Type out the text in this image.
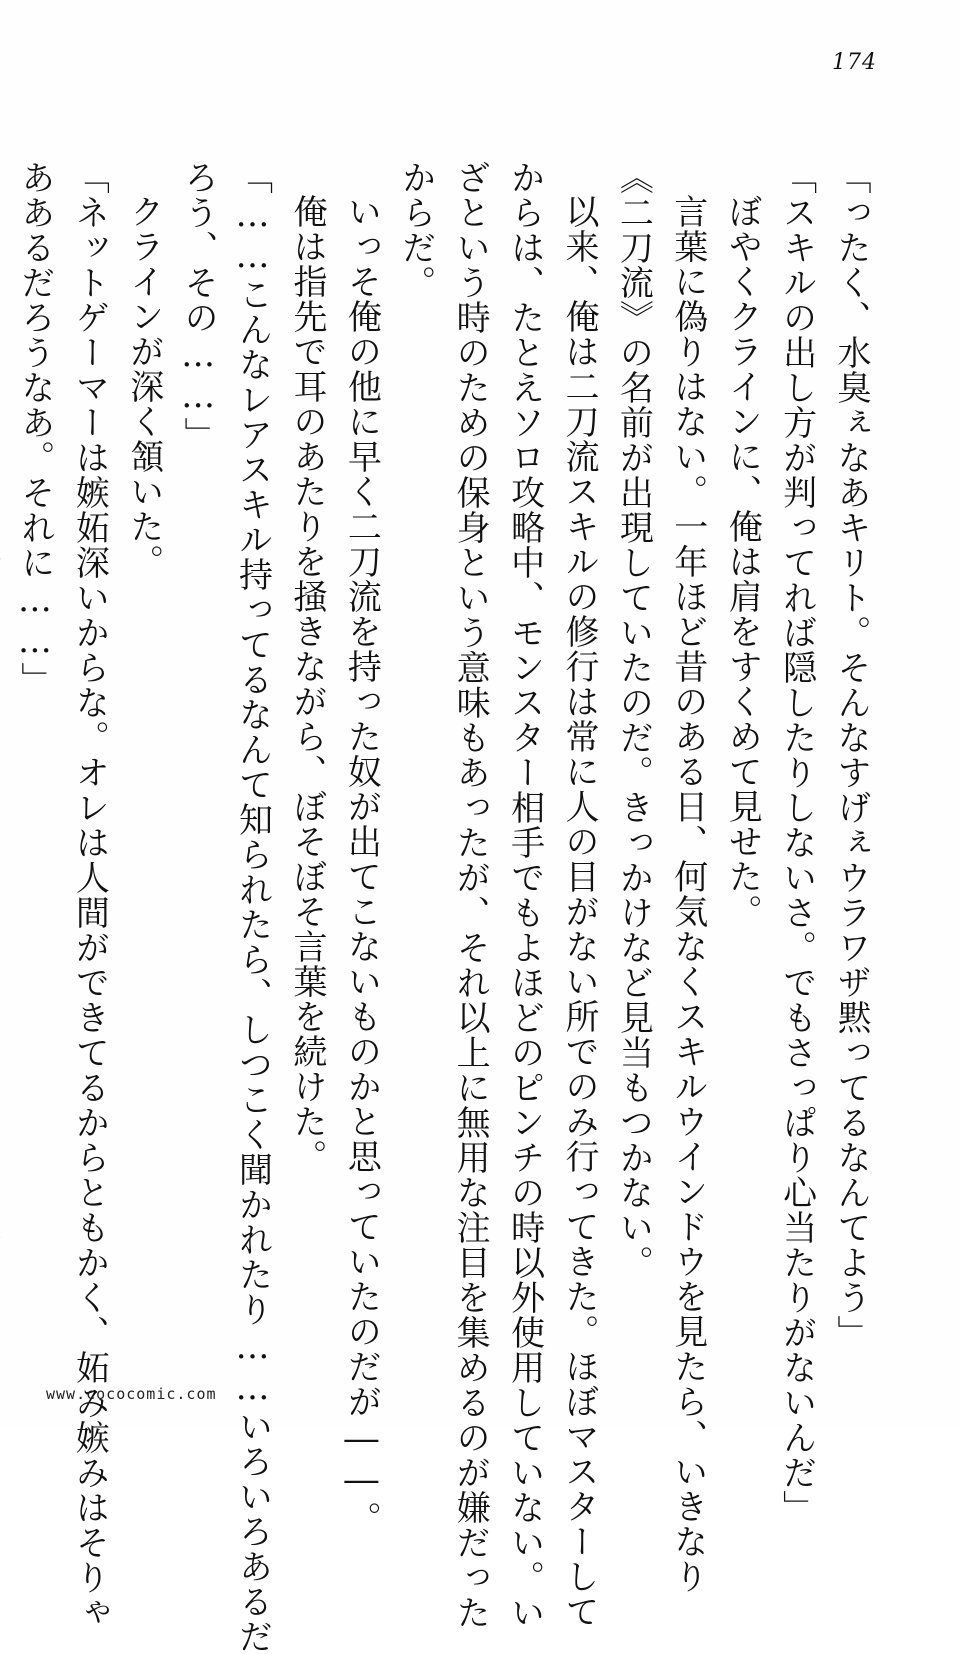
174
「ったく、水臭ぇなあキリト。そんなすげぇウラワザ黙ってるなんてよう」
「スキルの出し方が判ってれば隠したりしないさ。でもさっぱり心当たりがないんだ」
ぼやくクラインに、俺は肩をすくめて見せた。
言葉に偽りはない。一年ほど昔のある日、何気なくスキルウインドウを見たら、いきなり
《二刀流》の名前が出現していたのだ。きっかけなど見当もつかない。
以来、俺は二刀流スキルの修行は常に人の目がない所でのみ行ってきた。ほぼマスターして
からは、たとえソロ攻略中、モンスター相手でもよほどのピンチの時以外使用していない。い
ざという時のための保身という意味もあったが、それ以上に無用な注目を集めるのが嫌だった
からだ。
いっそ俺の他に早く二刀流を持った奴が出てこないものかと思っていたのだが――。
俺は指先で耳のあたりを掻きながら、ぼそぼそ言葉を続けた。
「……こんなレアスキル持ってるなんて知られたら、しつこく聞かれたり……いろいろあるだ
ろう、その……」
クラインが深く頷いた。
「ネットゲーマーは嫉妬深いからな。オレは人間ができてるからともかく、妬み嫉みはそりゃ
ああるだろうなあ。それに……」
www.cococomic.com
